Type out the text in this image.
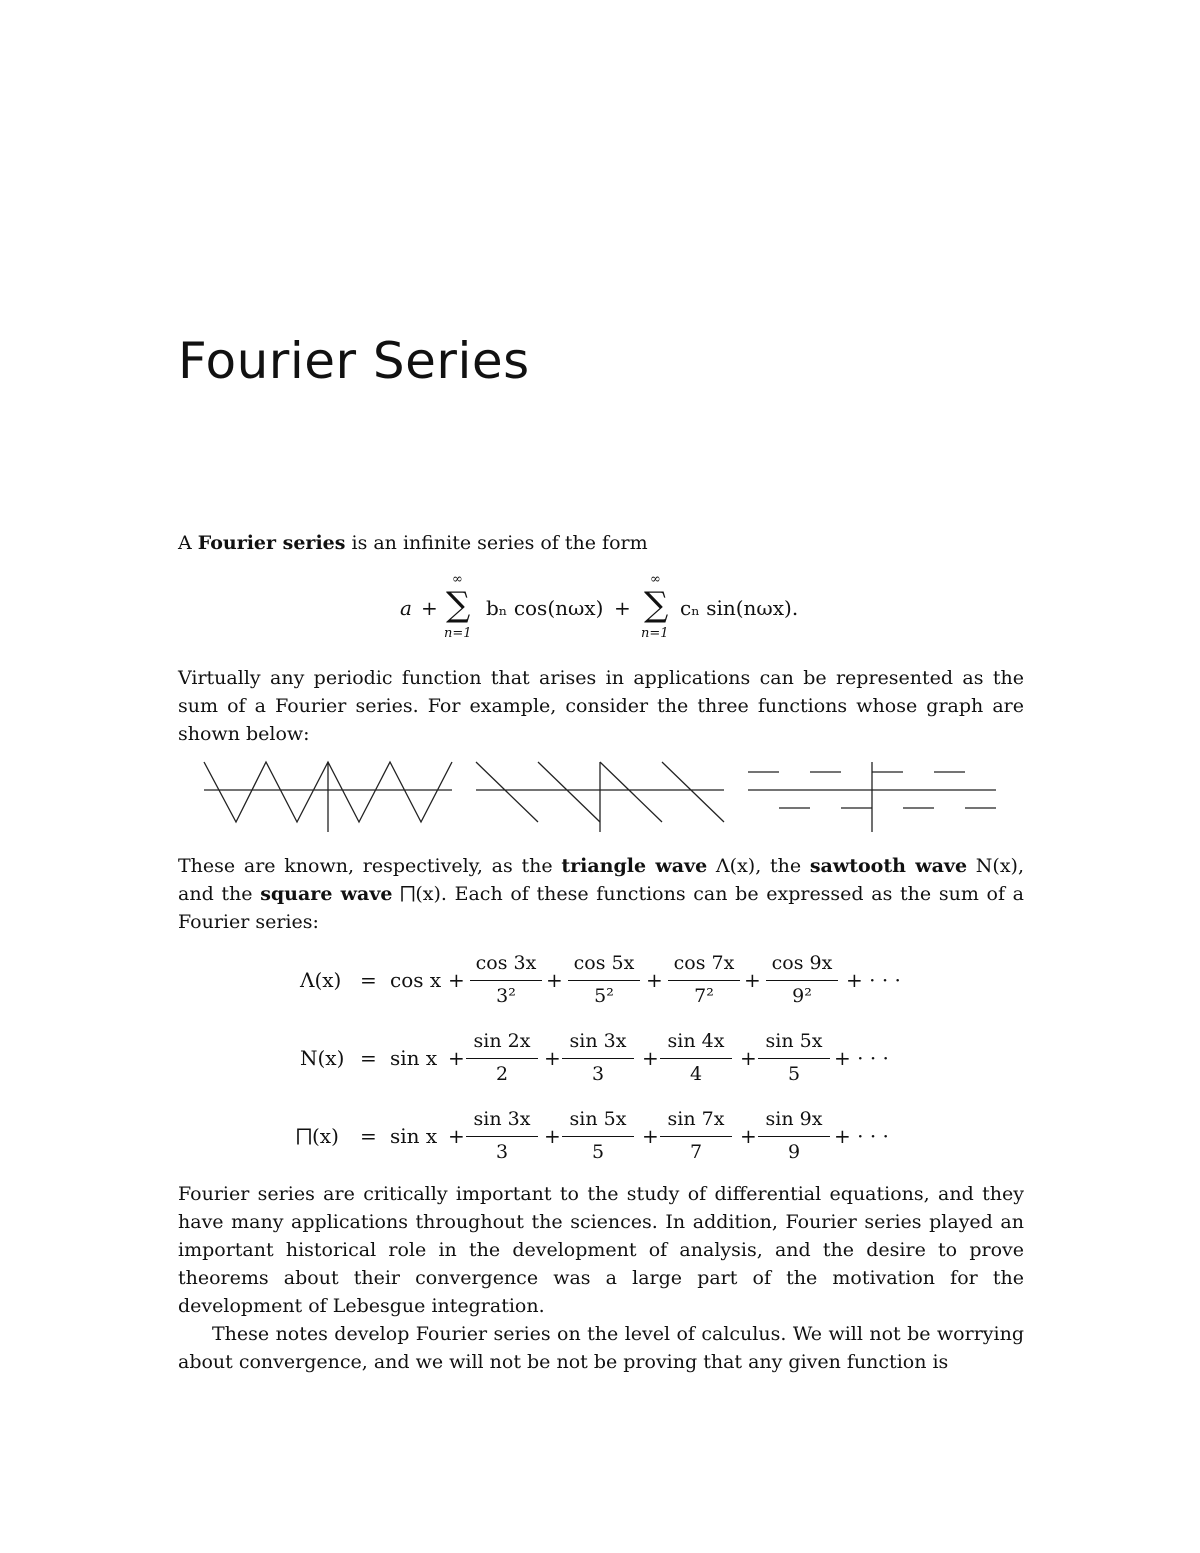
Fourier Series

A Fourier series is an infinite series of the form

a +
∞
∑
n=1
bₙ cos(nωx) +
∞
∑
n=1
cₙ sin(nωx).

Virtually any periodic function that arises in applications can be represented as the sum of a Fourier series. For example, consider the three functions whose graph are shown below:

These are known, respectively, as the triangle wave Λ(x), the sawtooth wave N(x), and the square wave ⨅(x). Each of these functions can be expressed as the sum of a Fourier series:

Λ(x) = cos x +
cos 3x
3²
+
cos 5x
5²
+
cos 7x
7²
+
cos 9x
9²
+ · · ·
N(x) = sin x +
sin 2x
2
+
sin 3x
3
+
sin 4x
4
+
sin 5x
5
+ · · ·
⨅(x) = sin x +
sin 3x
3
+
sin 5x
5
+
sin 7x
7
+
sin 9x
9
+ · · ·

Fourier series are critically important to the study of differential equations, and they have many applications throughout the sciences. In addition, Fourier series played an important historical role in the development of analysis, and the desire to prove theorems about their convergence was a large part of the motivation for the development of Lebesgue integration.

These notes develop Fourier series on the level of calculus. We will not be worrying about convergence, and we will not be not be proving that any given function is
